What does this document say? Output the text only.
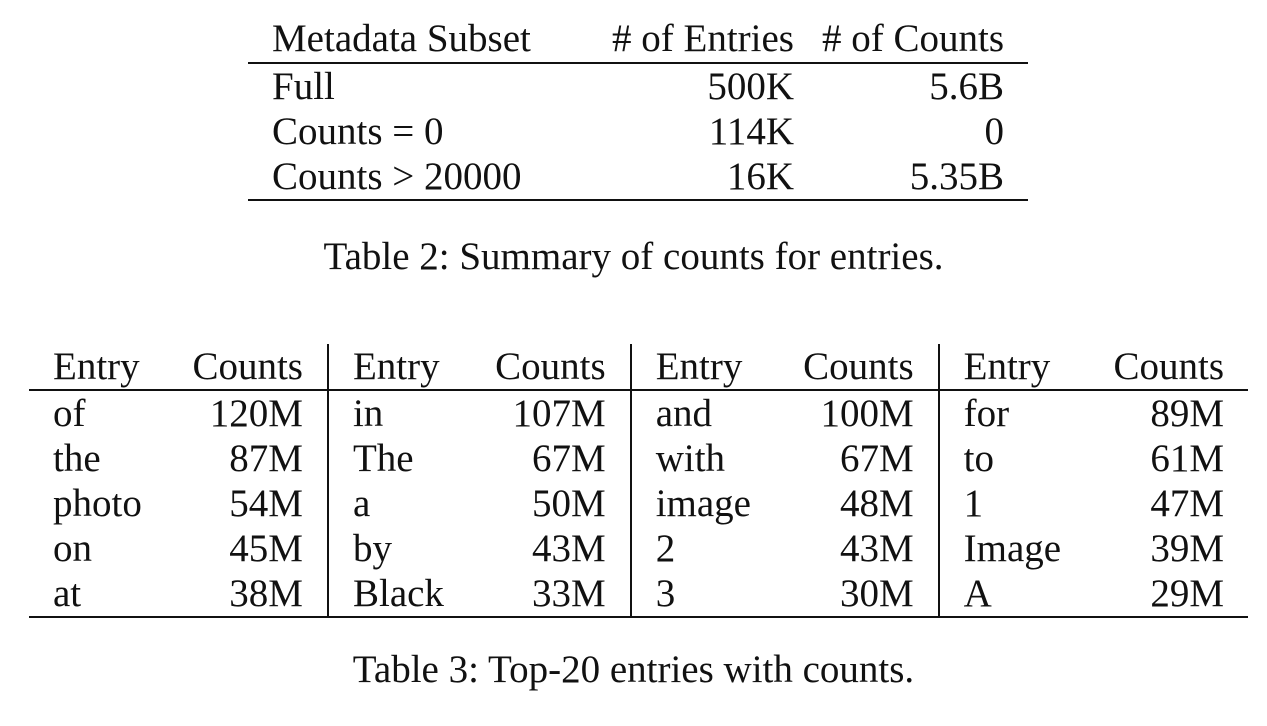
Metadata Subset	# of Entries	# of Counts
Full	500K	5.6B
Counts = 0	114K	0
Counts > 20000	16K	5.35B
Table 2: Summary of counts for entries.
Entry	Counts	Entry	Counts	Entry	Counts	Entry	Counts
of	120M	in	107M	and	100M	for	89M
the	87M	The	67M	with	67M	to	61M
photo	54M	a	50M	image	48M	1	47M
on	45M	by	43M	2	43M	Image	39M
at	38M	Black	33M	3	30M	A	29M
Table 3: Top-20 entries with counts.
